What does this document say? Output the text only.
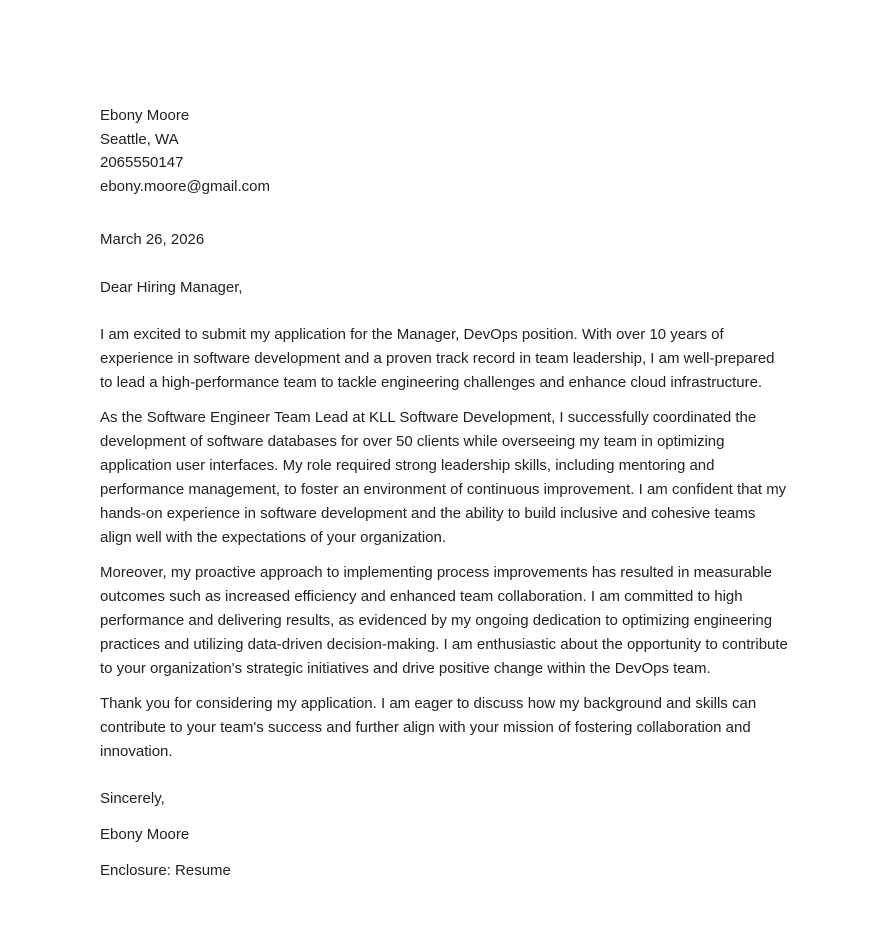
Ebony Moore
Seattle, WA
2065550147
ebony.moore@gmail.com
March 26, 2026
Dear Hiring Manager,

I am excited to submit my application for the Manager, DevOps position. With over 10 years of experience in software development and a proven track record in team leadership, I am well-prepared to lead a high-performance team to tackle engineering challenges and enhance cloud infrastructure.

As the Software Engineer Team Lead at KLL Software Development, I successfully coordinated the development of software databases for over 50 clients while overseeing my team in optimizing application user interfaces. My role required strong leadership skills, including mentoring and performance management, to foster an environment of continuous improvement. I am confident that my hands-on experience in software development and the ability to build inclusive and cohesive teams align well with the expectations of your organization.

Moreover, my proactive approach to implementing process improvements has resulted in measurable outcomes such as increased efficiency and enhanced team collaboration. I am committed to high performance and delivering results, as evidenced by my ongoing dedication to optimizing engineering practices and utilizing data-driven decision-making. I am enthusiastic about the opportunity to contribute to your organization's strategic initiatives and drive positive change within the DevOps team.

Thank you for considering my application. I am eager to discuss how my background and skills can contribute to your team's success and further align with your mission of fostering collaboration and innovation.

Sincerely,
Ebony Moore
Enclosure: Resume
